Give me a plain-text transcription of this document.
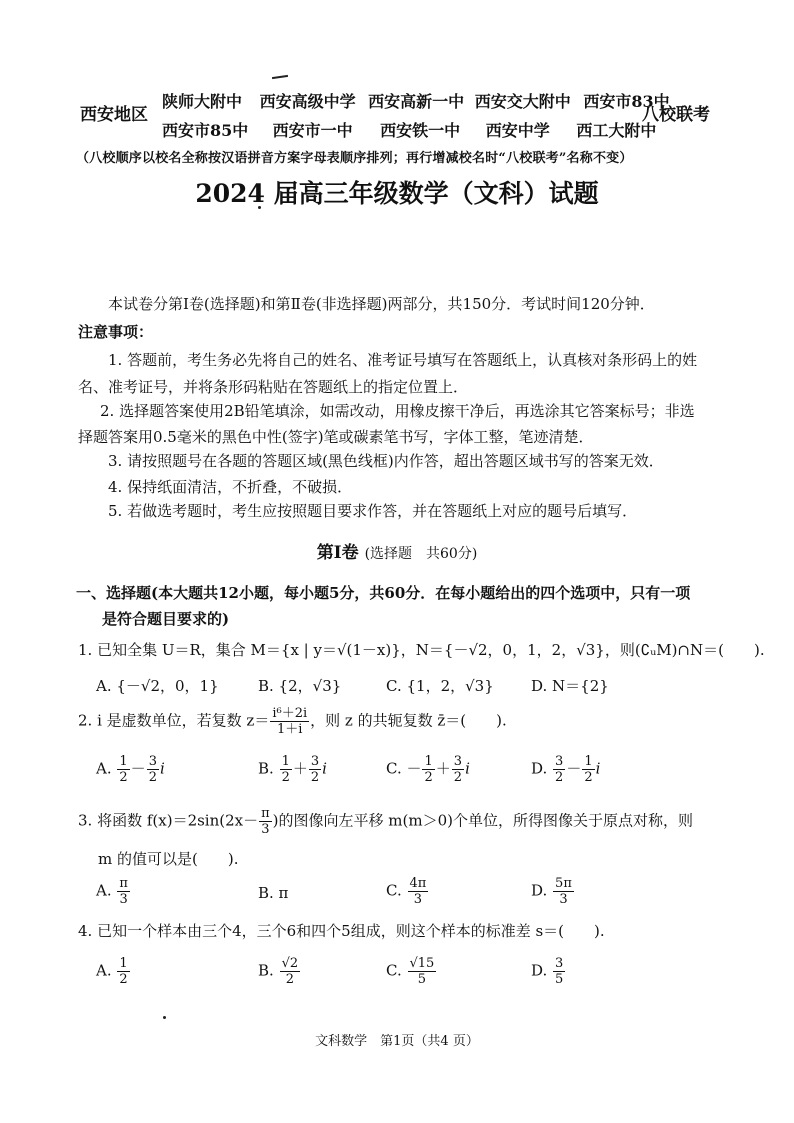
西安地区
陕师大附中 西安高级中学 西安高新一中 西安交大附中 西安市83中
西安市85中 西安市一中 西安铁一中 西安中学 西工大附中
八校联考
（八校顺序以校名全称按汉语拼音方案字母表顺序排列；再行增减校名时“八校联考”名称不变）
2024 届高三年级数学（文科）试题
本试卷分第Ⅰ卷(选择题)和第Ⅱ卷(非选择题)两部分，共150分．考试时间120分钟．
注意事项：
1. 答题前，考生务必先将自己的姓名、准考证号填写在答题纸上，认真核对条形码上的姓
名、准考证号，并将条形码粘贴在答题纸上的指定位置上．
2. 选择题答案使用2B铅笔填涂，如需改动，用橡皮擦干净后，再选涂其它答案标号；非选
择题答案用0.5毫米的黑色中性(签字)笔或碳素笔书写，字体工整，笔迹清楚．
3. 请按照题号在各题的答题区域(黑色线框)内作答，超出答题区域书写的答案无效．
4. 保持纸面清洁，不折叠，不破损．
5. 若做选考题时，考生应按照题目要求作答，并在答题纸上对应的题号后填写．
第Ⅰ卷 (选择题　共60分)
一、选择题(本大题共12小题，每小题5分，共60分．在每小题给出的四个选项中，只有一项
是符合题目要求的)
1. 已知全集 U＝R，集合 M＝{x | y＝√(1－x)}，N＝{－√2，0，1，2，√3}，则(∁ᵤM)∩N＝(　　).
A. {－√2，0，1}	B. {2，√3}	C. {1，2，√3} D. N＝{2}
2. i 是虚数单位，若复数 $z= \frac{\text{i⁶＋2i}}{1+i}$ ，则 z 的共轭复数 z̄＝(　　).
A. $\frac{1}{2} - \frac{3}{2}$ i	B. $\frac{1}{2} + \frac{3}{2}$ i	C. － $\frac{1}{2} + \frac{3}{2}$ i	D. $\frac{3}{2} - \frac{1}{2}$ i
3. 将函数 $f(x)=2\sin(2x- \frac{\pi}{3}$ )的图像向左平移 m(m＞0)个单位，所得图像关于原点对称，则
m 的值可以是(　　).
A. $\frac{\pi}{3}$	B. π	C. $\frac{4\pi}{3}$	D. $\frac{5\pi}{3}$
4. 已知一个样本由三个4，三个6和四个5组成，则这个样本的标准差 s＝(　　).
A. $\frac{1}{2}$	B. $\frac{√2}{2}$	C. $\frac{√15}{5}$	D. $\frac{3}{5}$
文科数学　第1页（共4 页）
